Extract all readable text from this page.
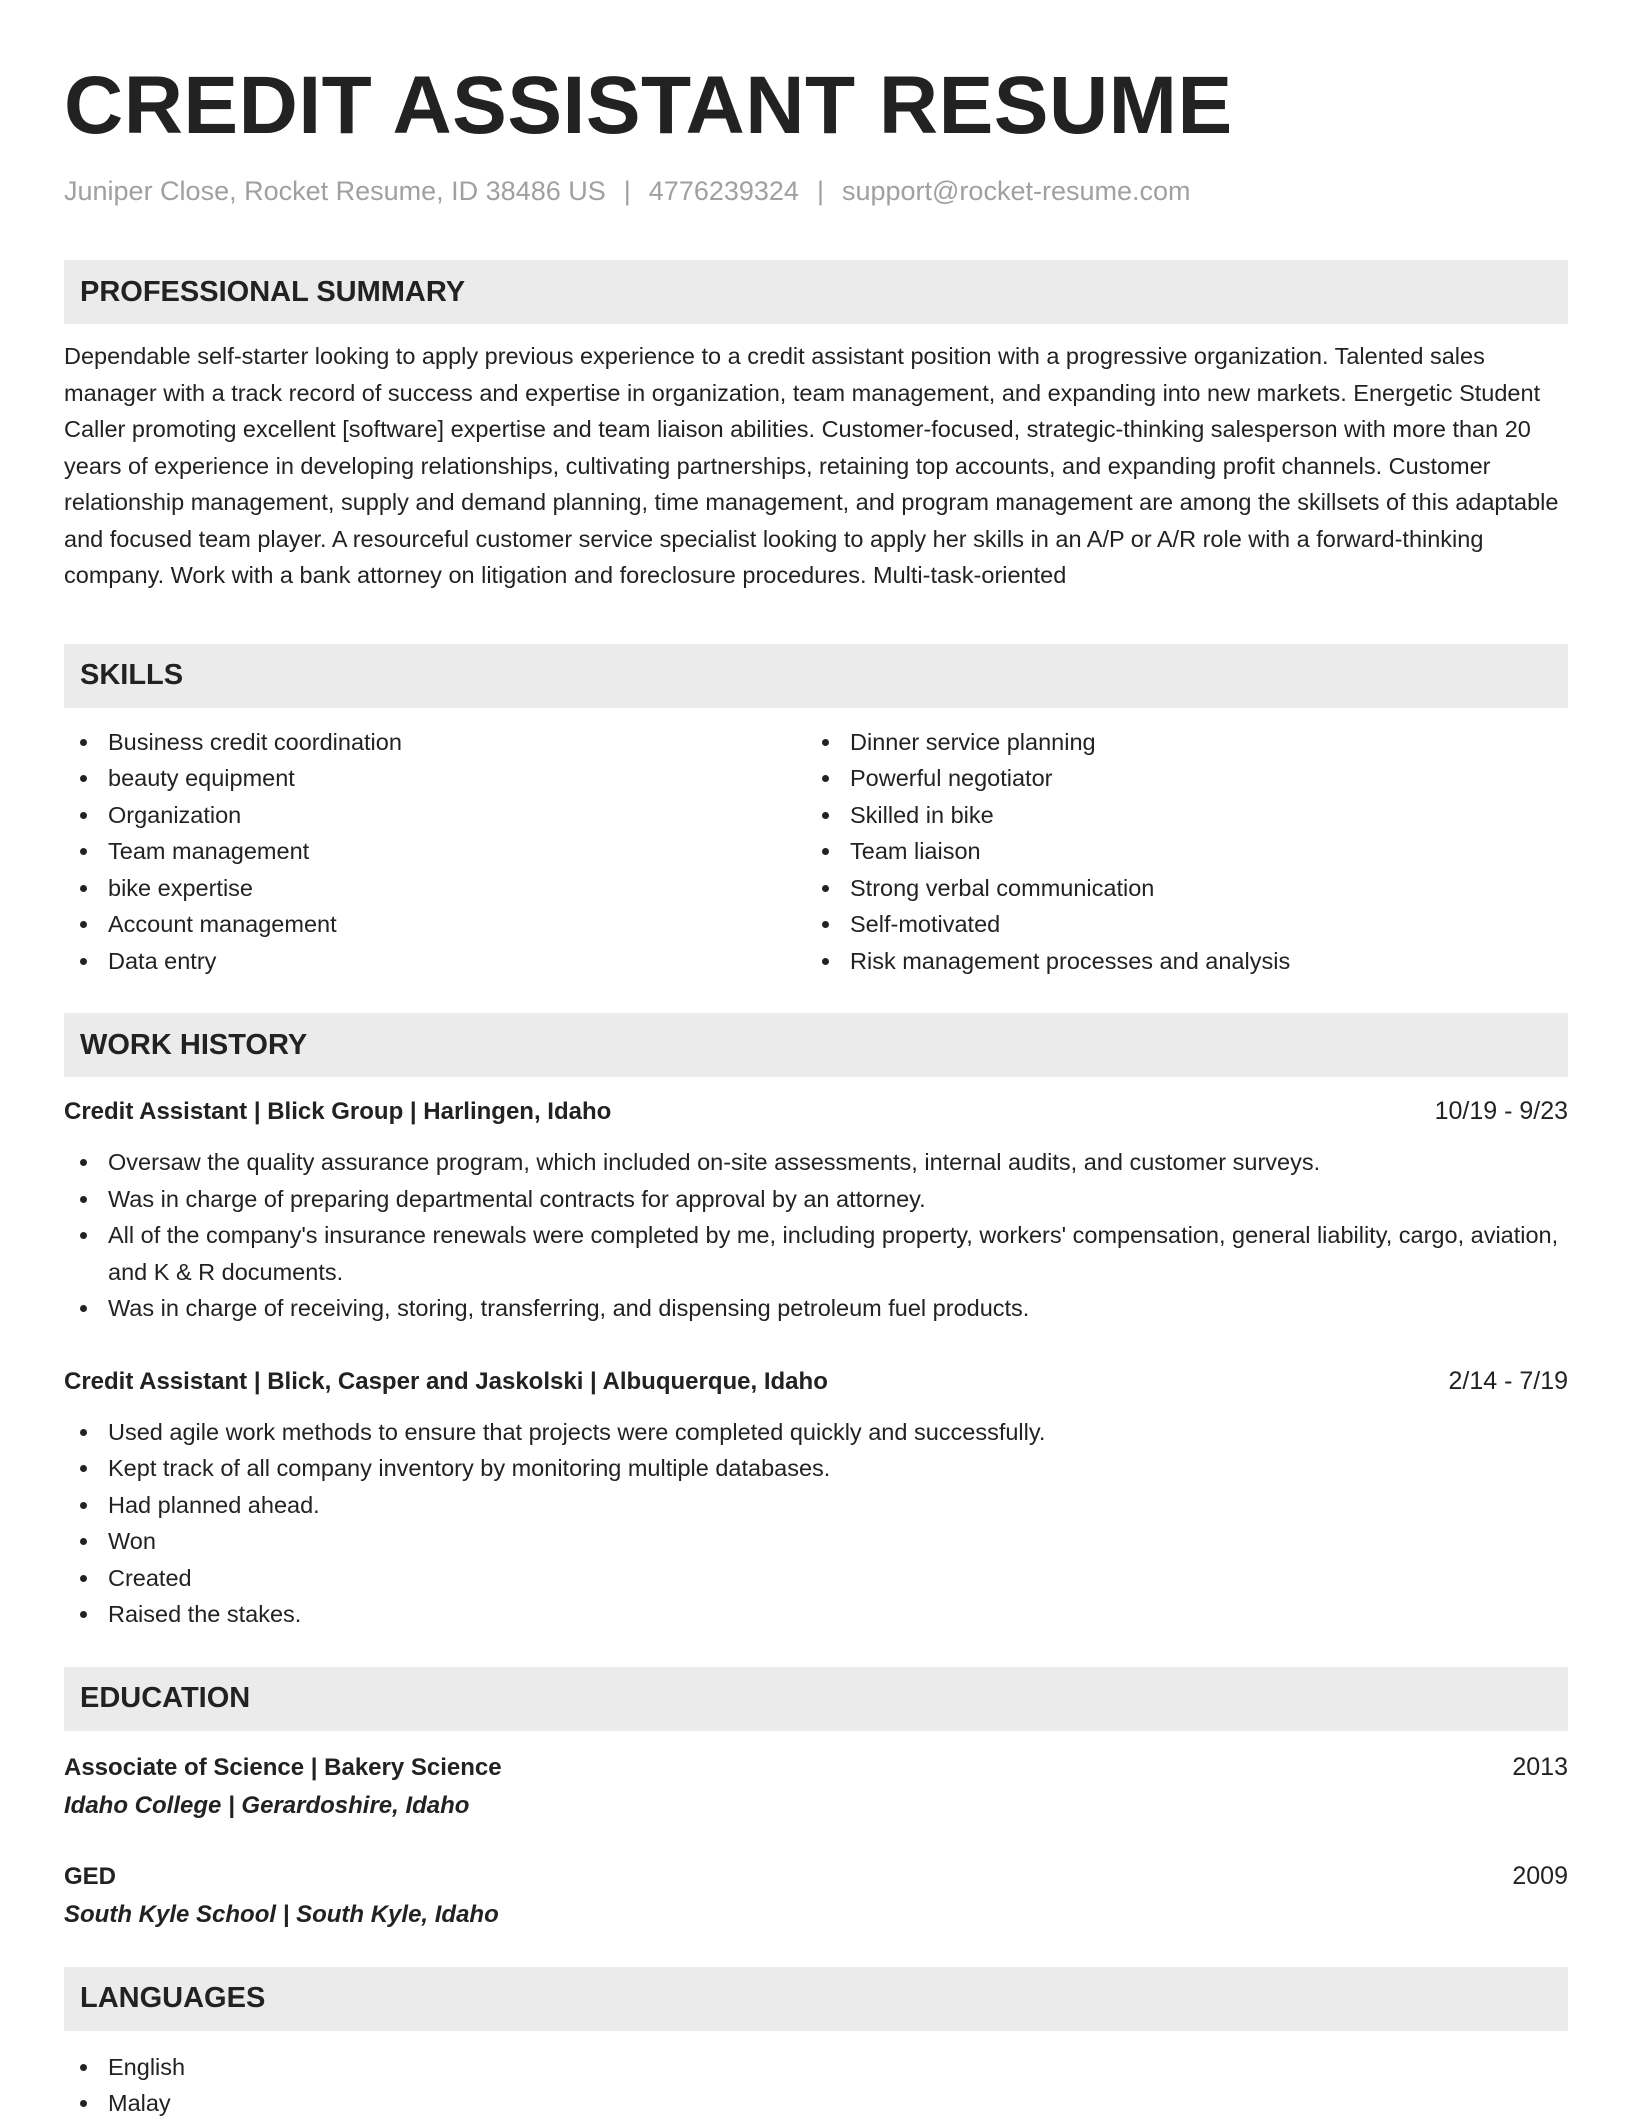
CREDIT ASSISTANT RESUME
Juniper Close, Rocket Resume, ID 38486 US | 4776239324 | support@rocket-resume.com
PROFESSIONAL SUMMARY
Dependable self-starter looking to apply previous experience to a credit assistant position with a progressive organization. Talented sales manager with a track record of success and expertise in organization, team management, and expanding into new markets. Energetic Student Caller promoting excellent [software] expertise and team liaison abilities. Customer-focused, strategic-thinking salesperson with more than 20 years of experience in developing relationships, cultivating partnerships, retaining top accounts, and expanding profit channels. Customer relationship management, supply and demand planning, time management, and program management are among the skillsets of this adaptable and focused team player. A resourceful customer service specialist looking to apply her skills in an A/P or A/R role with a forward-thinking company. Work with a bank attorney on litigation and foreclosure procedures. Multi-task-oriented
SKILLS
Business credit coordination
beauty equipment
Organization
Team management
bike expertise
Account management
Data entry
Dinner service planning
Powerful negotiator
Skilled in bike
Team liaison
Strong verbal communication
Self-motivated
Risk management processes and analysis
WORK HISTORY
Credit Assistant | Blick Group | Harlingen, Idaho	10/19 - 9/23
Oversaw the quality assurance program, which included on-site assessments, internal audits, and customer surveys.
Was in charge of preparing departmental contracts for approval by an attorney.
All of the company's insurance renewals were completed by me, including property, workers' compensation, general liability, cargo, aviation, and K & R documents.
Was in charge of receiving, storing, transferring, and dispensing petroleum fuel products.
Credit Assistant | Blick, Casper and Jaskolski | Albuquerque, Idaho	2/14 - 7/19
Used agile work methods to ensure that projects were completed quickly and successfully.
Kept track of all company inventory by monitoring multiple databases.
Had planned ahead.
Won
Created
Raised the stakes.
EDUCATION
Associate of Science | Bakery Science	2013
Idaho College | Gerardoshire, Idaho
GED	2009
South Kyle School | South Kyle, Idaho
LANGUAGES
English
Malay
